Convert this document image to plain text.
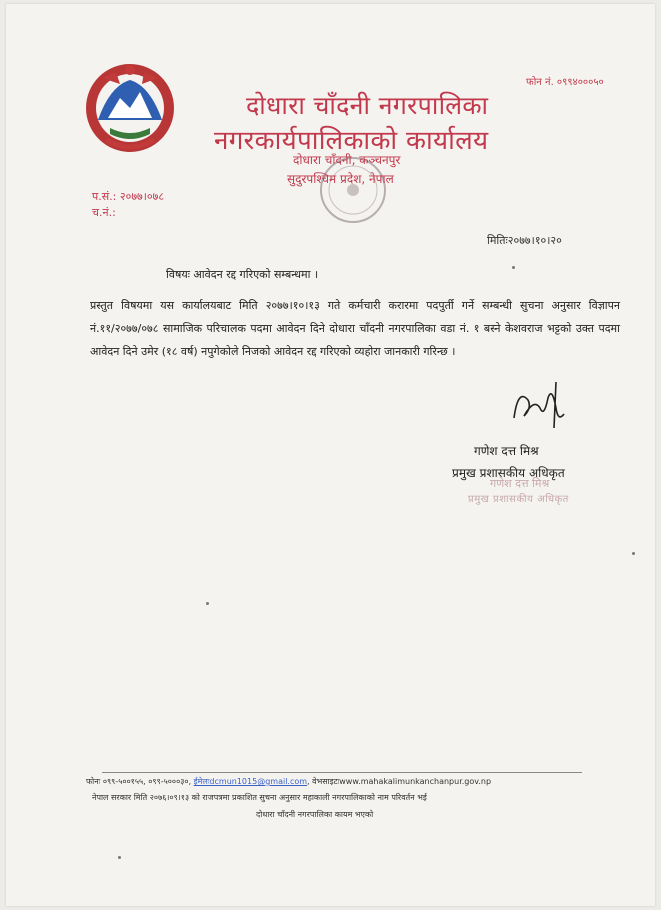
फोन नं. ०९९४०००५०
दोधारा चाँदनी नगरपालिका
नगरकार्यपालिकाको कार्यालय
दोधारा चाँदनी, कञ्चनपुर
सुदुरपश्चिम प्रदेश, नेपाल
प.सं.: २०७७।०७८
च.नं.:
मितिः२०७७।१०।२०
विषयः आवेदन रद्द गरिएको सम्बन्धमा ।
प्रस्तुत विषयमा यस कार्यालयबाट मिति २०७७।१०।१३ गते कर्मचारी करारमा पदपुर्ती गर्ने सम्बन्धी सुचना अनुसार विज्ञापन नं.११/२०७७/०७८ सामाजिक परिचालक पदमा आवेदन दिने दोधारा चाँदनी नगरपालिका वडा नं. १ बस्ने केशवराज भट्टको उक्त पदमा आवेदन दिने उमेर (१८ वर्ष) नपुगेकोले निजको आवेदन रद्द गरिएको व्यहोरा जानकारी गरिन्छ ।
गणेश दत्त मिश्र
प्रमुख प्रशासकीय अधिकृत
गणेश दत्त मिश्र
प्रमुख प्रशासकीय अधिकृत
फोनः ०९९-५००१५५, ०९९-५०००३०, ईमेलःdcmun1015@gmail.com, वेभसाइटःwww.mahakalimunkanchanpur.gov.np
नेपाल सरकार मिति २०७६।०९।१३ को राजपत्रमा प्रकाशित सुचना अनुसार महाकाली नगरपालिकाको नाम परिवर्तन भई
दोधारा चाँदनी नगरपालिका कायम भएको
